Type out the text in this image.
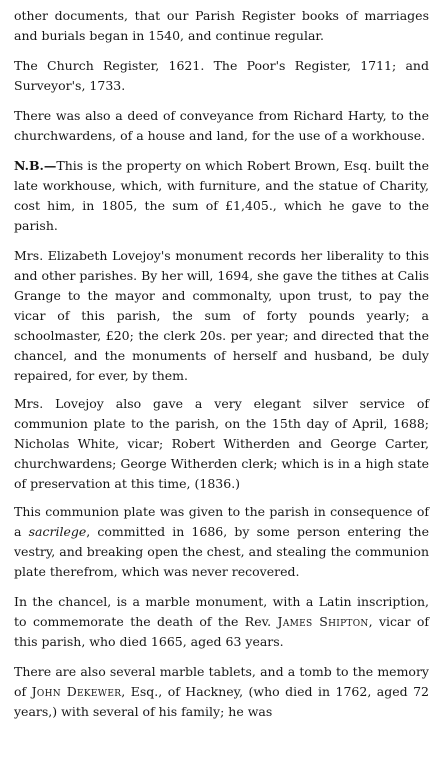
other documents, that our Parish Register books of marriages and burials began in 1540, and continue regular.

The Church Register, 1621. The Poor's Register, 1711; and Surveyor's, 1733.

There was also a deed of conveyance from Richard Harty, to the churchwardens, of a house and land, for the use of a workhouse.

N.B.—This is the property on which Robert Brown, Esq. built the late workhouse, which, with furniture, and the statue of Charity, cost him, in 1805, the sum of £1,405., which he gave to the parish.

Mrs. Elizabeth Lovejoy's monument records her liberality to this and other parishes. By her will, 1694, she gave the tithes at Calis Grange to the mayor and commonalty, upon trust, to pay the vicar of this parish, the sum of forty pounds yearly; a schoolmaster, £20; the clerk 20s. per year; and directed that the chancel, and the monuments of herself and husband, be duly repaired, for ever, by them.

Mrs. Lovejoy also gave a very elegant silver service of communion plate to the parish, on the 15th day of April, 1688; Nicholas White, vicar; Robert Witherden and George Carter, churchwardens; George Witherden clerk; which is in a high state of preservation at this time, (1836.)

This communion plate was given to the parish in consequence of a sacrilege, committed in 1686, by some person entering the vestry, and breaking open the chest, and stealing the communion plate therefrom, which was never recovered.

In the chancel, is a marble monument, with a Latin inscription, to commemorate the death of the Rev. James Shipton, vicar of this parish, who died 1665, aged 63 years.

There are also several marble tablets, and a tomb to the memory of John Dekewer, Esq., of Hackney, (who died in 1762, aged 72 years,) with several of his family; he was
